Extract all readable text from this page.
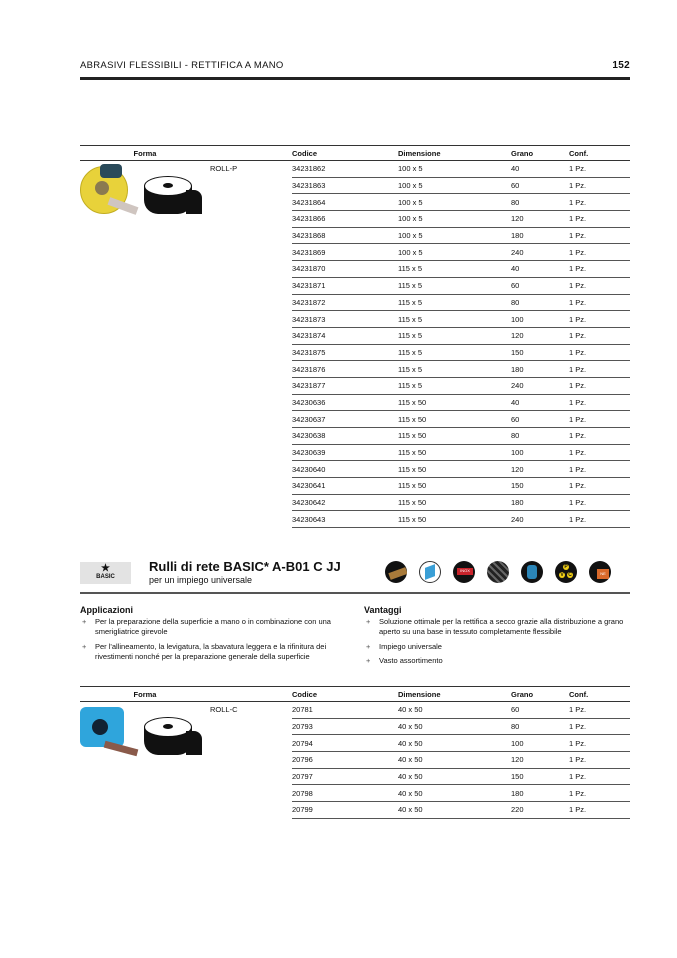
ABRASIVI FLESSIBILI - RETTIFICA A MANO	152
Forma		Codice	Dimensione	Grano	Conf.

	ROLL-P	34231862	100 x 5	40	1 Pz.
		34231863	100 x 5	60	1 Pz.
		34231864	100 x 5	80	1 Pz.
		34231866	100 x 5	120	1 Pz.
		34231868	100 x 5	180	1 Pz.
		34231869	100 x 5	240	1 Pz.
		34231870	115 x 5	40	1 Pz.
		34231871	115 x 5	60	1 Pz.
		34231872	115 x 5	80	1 Pz.
		34231873	115 x 5	100	1 Pz.
		34231874	115 x 5	120	1 Pz.
		34231875	115 x 5	150	1 Pz.
		34231876	115 x 5	180	1 Pz.
		34231877	115 x 5	240	1 Pz.
		34230636	115 x 50	40	1 Pz.
		34230637	115 x 50	60	1 Pz.
		34230638	115 x 50	80	1 Pz.
		34230639	115 x 50	100	1 Pz.
		34230640	115 x 50	120	1 Pz.
		34230641	115 x 50	150	1 Pz.
		34230642	115 x 50	180	1 Pz.
		34230643	115 x 50	240	1 Pz.
★
BASIC
Rulli di rete BASIC* A-B01 C JJ
per un impiego universale
INOX
P
V C	NE
Applicazioni
+ Per la preparazione della superficie a mano o in combinazione con una smerigliatrice girevole
+ Per l'allineamento, la levigatura, la sbavatura leggera e la rifinitura dei rivestimenti nonché per la preparazione generale della superficie
Vantaggi
+ Soluzione ottimale per la rettifica a secco grazie alla distribuzione a grano aperto su una base in tessuto completamente flessibile
+ Impiego universale
+ Vasto assortimento
Forma		Codice	Dimensione	Grano	Conf.

	ROLL-C	20781	40 x 50	60	1 Pz.
		20793	40 x 50	80	1 Pz.
		20794	40 x 50	100	1 Pz.
		20796	40 x 50	120	1 Pz.
		20797	40 x 50	150	1 Pz.
		20798	40 x 50	180	1 Pz.
		20799	40 x 50	220	1 Pz.
